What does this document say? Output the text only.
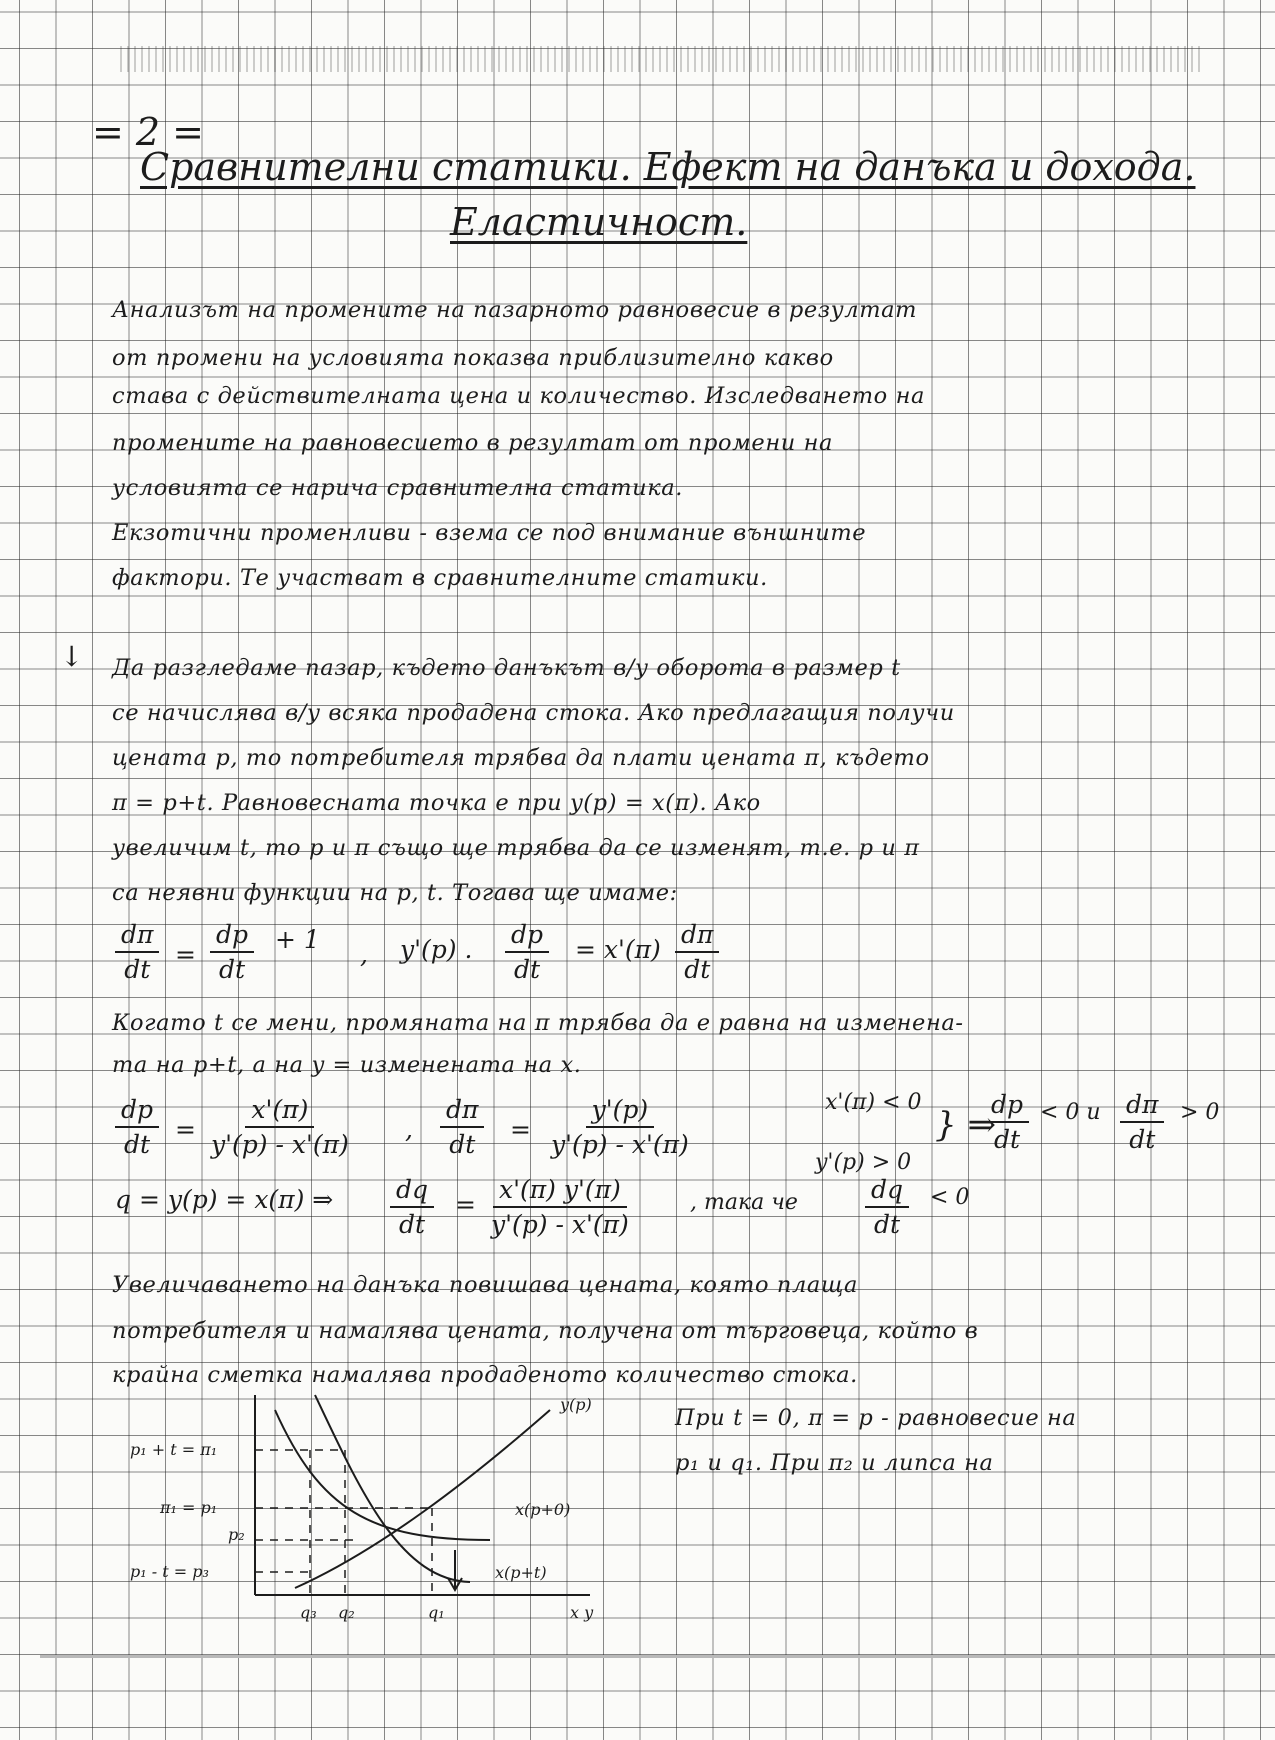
= 2 =
Сравнителни статики. Ефект на данъка и дохода.
Еластичност.
Анализът на промените на пазарното равновесие в резултат
от промени на условията показва приблизително какво
става с действителната цена и количество. Изследването на
промените на равновесието в резултат от промени на
условията се нарича сравнителна статика.
Екзотични променливи - взема се под внимание външните
фактори. Те участват в сравнителните статики.
↓ Да разгледаме пазар, където данъкът в/у оборота в размер t
се начислява в/у всяка продадена стока. Ако предлагащия получи
цената p, то потребителя трябва да плати цената π, където
π = p+t. Равновесната точка е при y(p) = x(π). Ако
увеличим t, то p и π също ще трябва да се изменят, т.е. p и π
са неявни функции на p, t. Тогава ще имаме:
$\frac{d\pi}{dt} = \frac{dp}{dt} + 1$
, y'(p) . $\frac{dp}{dt} = x'(\pi) \frac{d\pi}{dt}$
Когато t се мени, промяната на π трябва да е равна на изменена-
та на p+t, а на y = изменената на x.
$\frac{dp}{dt} = \frac{x'(\pi)}{y'(p) - x'(\pi)}$ , $\frac{d\pi}{dt} = \frac{y'(p)}{y'(p) - x'(\pi)}$	x'(π) < 0
y'(p) > 0
} ⇒
$\frac{dp}{dt} < 0$ и $\frac{d\pi}{dt} > 0$
q = y(p) = x(π) ⇒ $\frac{dq}{dt} = \frac{x'(\pi) y'(\pi)}{y'(p) - x'(\pi)}$	, така че	$\frac{dq}{dt} < 0$
Увеличаването на данъка повишава цената, която плаща
потребителя и намалява цената, получена от търговеца, който в
крайна сметка намалява продаденото количество стока.
При t = 0, π = p - равновесие на
p₁ и q₁. При π₂ и липса на
p₁ + t = π₁
π₁ = p₁
p₂
p₁ - t = p₃
q₃ q₂	q₁	x y
y(p)
x(p+0)
x(p+t)
